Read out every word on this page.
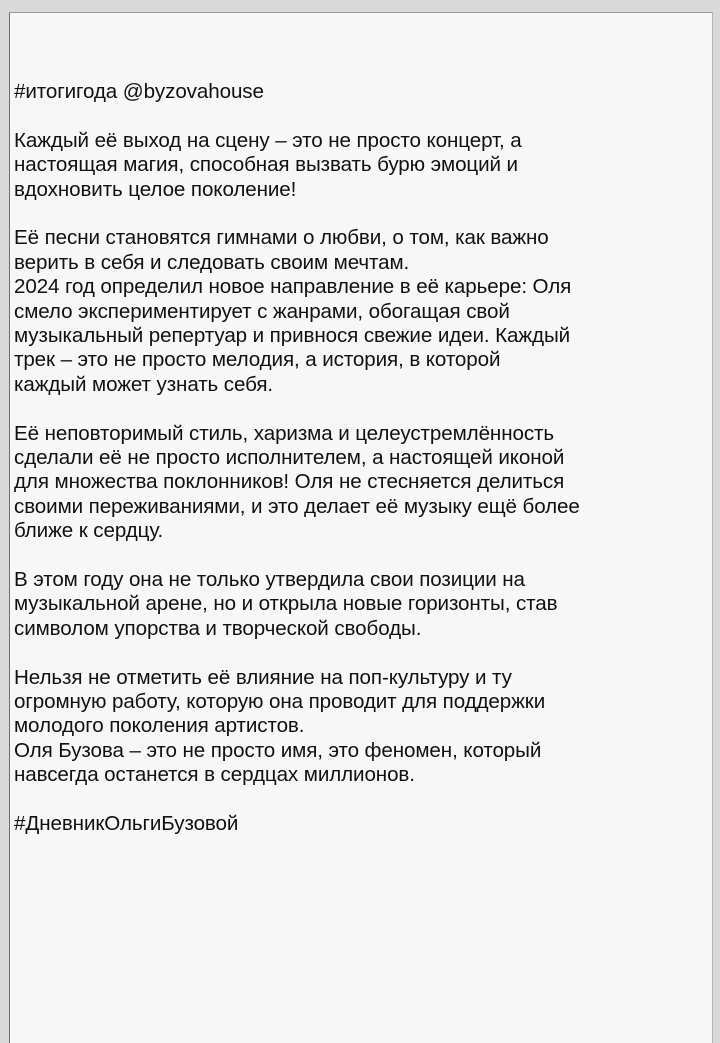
#итогигода @byzovahouse
Каждый её выход на сцену – это не просто концерт, а
настоящая магия, способная вызвать бурю эмоций и
вдохновить целое поколение!
Её песни становятся гимнами о любви, о том, как важно
верить в себя и следовать своим мечтам.
2024 год определил новое направление в её карьере: Оля
смело экспериментирует с жанрами, обогащая свой
музыкальный репертуар и привнося свежие идеи. Каждый
трек – это не просто мелодия, а история, в которой
каждый может узнать себя.
Её неповторимый стиль, харизма и целеустремлённость
сделали её не просто исполнителем, а настоящей иконой
для множества поклонников! Оля не стесняется делиться
своими переживаниями, и это делает её музыку ещё более
ближе к сердцу.
В этом году она не только утвердила свои позиции на
музыкальной арене, но и открыла новые горизонты, став
символом упорства и творческой свободы.
Нельзя не отметить её влияние на поп-культуру и ту
огромную работу, которую она проводит для поддержки
молодого поколения артистов.
Оля Бузова – это не просто имя, это феномен, который
навсегда останется в сердцах миллионов.
#ДневникОльгиБузовой
